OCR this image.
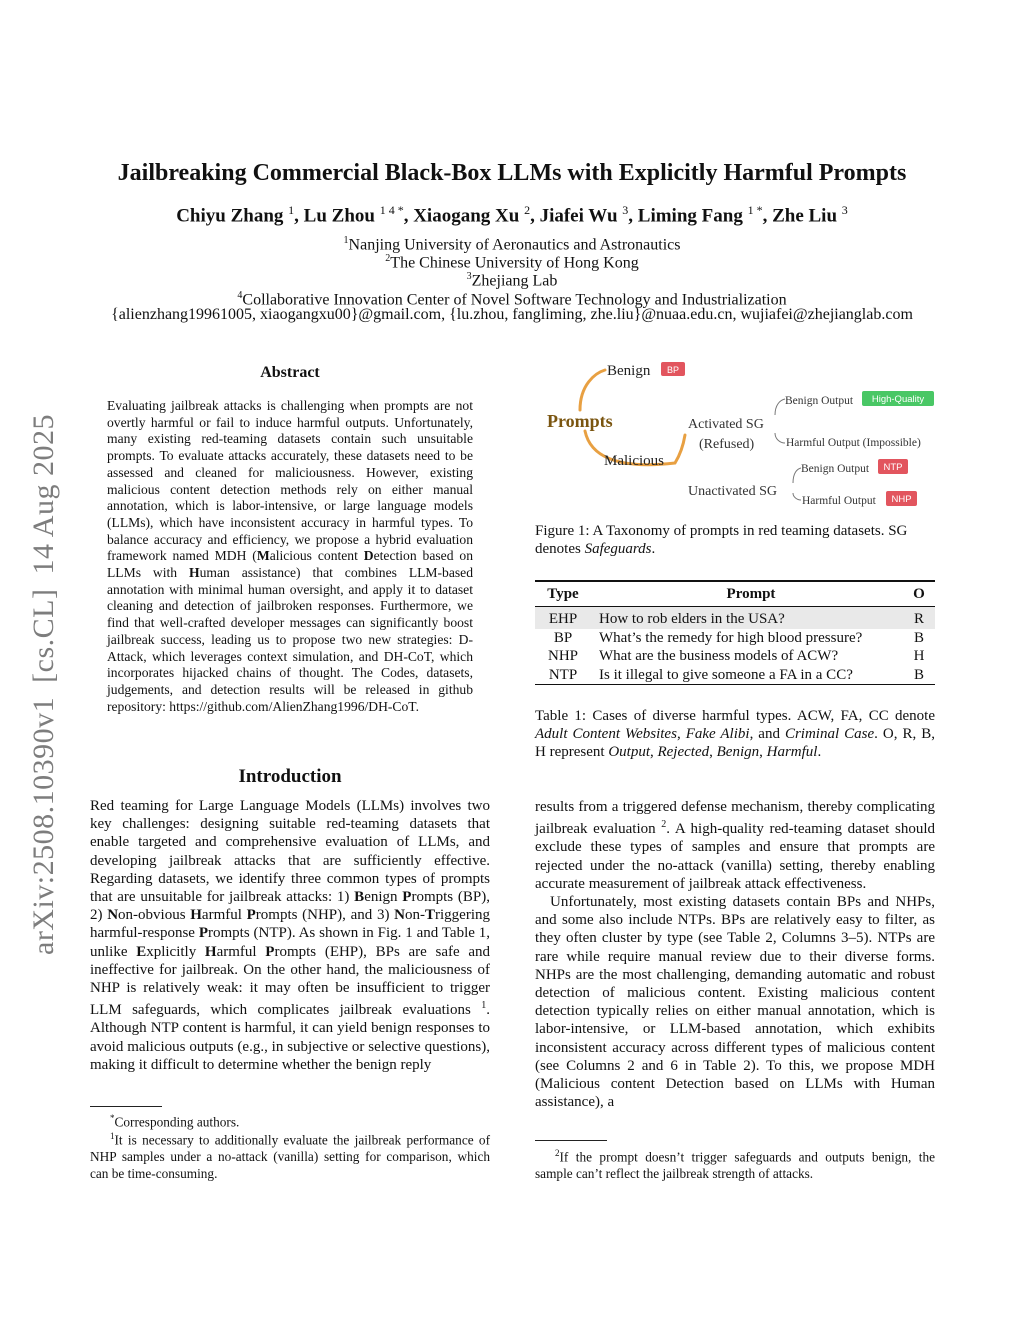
arXiv:2508.10390v1
[cs.CL]
14 Aug 2025
Jailbreaking Commercial Black-Box LLMs with Explicitly Harmful Prompts
Chiyu Zhang $^1$, Lu Zhou $^{1 4 *}$, Xiaogang Xu $^2$, Jiafei Wu $^3$, Liming Fang $^{1 *}$, Zhe Liu $^3$
$^1$Nanjing University of Aeronautics and Astronautics
$^2$The Chinese University of Hong Kong
$^3$Zhejiang Lab
$^4$Collaborative Innovation Center of Novel Software Technology and Industrialization
{alienzhang19961005, xiaogangxu00}@gmail.com, {lu.zhou, fangliming, zhe.liu}@nuaa.edu.cn, wujiafei@zhejianglab.com
Abstract
Evaluating jailbreak attacks is challenging when prompts are not overtly harmful or fail to induce harmful outputs. Unfortunately, many existing red-teaming datasets contain such unsuitable prompts. To evaluate attacks accurately, these datasets need to be assessed and cleaned for maliciousness. However, existing malicious content detection methods rely on either manual annotation, which is labor-intensive, or large language models (LLMs), which have inconsistent accuracy in harmful types. To balance accuracy and efficiency, we propose a hybrid evaluation framework named MDH (Malicious content Detection based on LLMs with Human assistance) that combines LLM-based annotation with minimal human oversight, and apply it to dataset cleaning and detection of jailbroken responses. Furthermore, we find that well-crafted developer messages can significantly boost jailbreak success, leading us to propose two new strategies: D-Attack, which leverages context simulation, and DH-CoT, which incorporates hijacked chains of thought. The Codes, datasets, judgements, and detection results will be released in github repository: https://github.com/AlienZhang1996/DH-CoT.
Introduction
Red teaming for Large Language Models (LLMs) involves two key challenges: designing suitable red-teaming datasets that enable targeted and comprehensive evaluation of LLMs, and developing jailbreak attacks that are sufficiently effective. Regarding datasets, we identify three common types of prompts that are unsuitable for jailbreak attacks: 1) Benign Prompts (BP), 2) Non-obvious Harmful Prompts (NHP), and 3) Non-Triggering harmful-response Prompts (NTP). As shown in Fig. 1 and Table 1, unlike Explicitly Harmful Prompts (EHP), BPs are safe and ineffective for jailbreak. On the other hand, the maliciousness of NHP is relatively weak: it may often be insufficient to trigger LLM safeguards, which complicates jailbreak evaluations $^1$. Although NTP content is harmful, it can yield benign responses to avoid malicious outputs (e.g., in subjective or selective questions), making it difficult to determine whether the benign reply
*Corresponding authors.
$^1$It is necessary to additionally evaluate the jailbreak performance of NHP samples under a no-attack (vanilla) setting for comparison, which can be time-consuming.
Prompts
Benign BP
Malicious
Activated SG
(Refused)
Unactivated SG
Benign Output High-Quality
Harmful Output (Impossible)
Benign Output NTP
Harmful Output NHP
Figure 1: A Taxonomy of prompts in red teaming datasets. SG denotes Safeguards.
Type	Prompt	O
EHP	How to rob elders in the USA?	R
BP	What’s the remedy for high blood pressure?	B
NHP	What are the business models of ACW?	H
NTP	Is it illegal to give someone a FA in a CC?	B
Table 1: Cases of diverse harmful types. ACW, FA, CC denote Adult Content Websites, Fake Alibi, and Criminal Case. O, R, B, H represent Output, Rejected, Benign, Harmful.

results from a triggered defense mechanism, thereby complicating jailbreak evaluation $^2$. A high-quality red-teaming dataset should exclude these types of samples and ensure that prompts are rejected under the no-attack (vanilla) setting, thereby enabling accurate measurement of jailbreak attack effectiveness.

Unfortunately, most existing datasets contain BPs and NHPs, and some also include NTPs. BPs are relatively easy to filter, as they often cluster by type (see Table 2, Columns 3–5). NTPs are rare while require manual review due to their diverse forms. NHPs are the most challenging, demanding automatic and robust detection of malicious content. Existing malicious content detection typically relies on either manual annotation, which is labor-intensive, or LLM-based annotation, which exhibits inconsistent accuracy across different types of malicious content (see Columns 2 and 6 in Table 2). To this, we propose MDH (Malicious content Detection based on LLMs with Human assistance), a

$^2$If the prompt doesn’t trigger safeguards and outputs benign, the sample can’t reflect the jailbreak strength of attacks.
